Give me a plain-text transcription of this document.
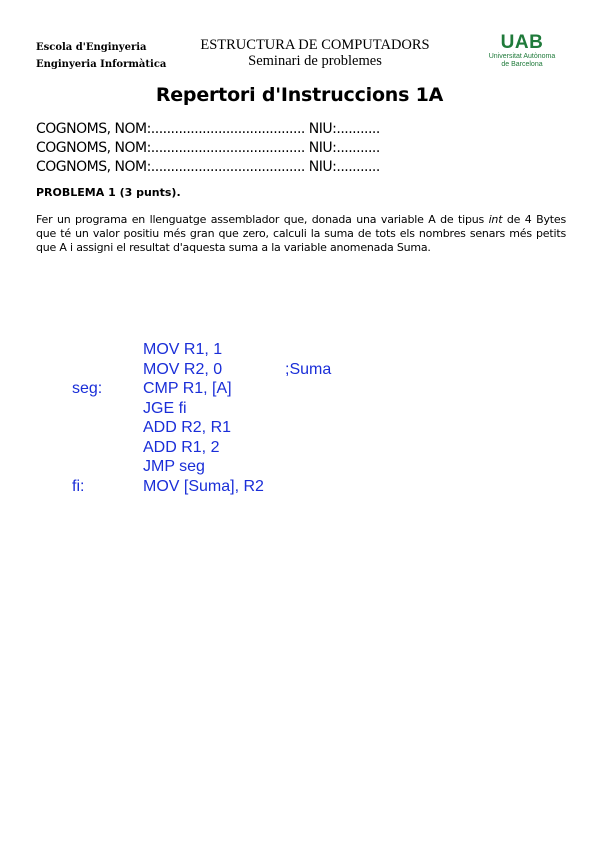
Escola d'Enginyeria
Enginyeria Informàtica
ESTRUCTURA DE COMPUTADORS
Seminari de problemes
UAB
Universitat Autònoma
de Barcelona
Repertori d'Instruccions 1A
COGNOMS, NOM:....................................... NIU:...........
COGNOMS, NOM:....................................... NIU:...........
COGNOMS, NOM:....................................... NIU:...........
PROBLEMA 1 (3 punts).
Fer un programa en llenguatge assemblador que, donada una variable A de tipus int de 4 Bytes que té un valor positiu més gran que zero, calculi la suma de tots els nombres senars més petits que A i assigni el resultat d'aquesta suma a la variable anomenada Suma.
MOV R1, 1
MOV R2, 0	;Suma
seg:	CMP R1, [A]
JGE fi
ADD R2, R1
ADD R1, 2
JMP seg
fi:	MOV [Suma], R2
